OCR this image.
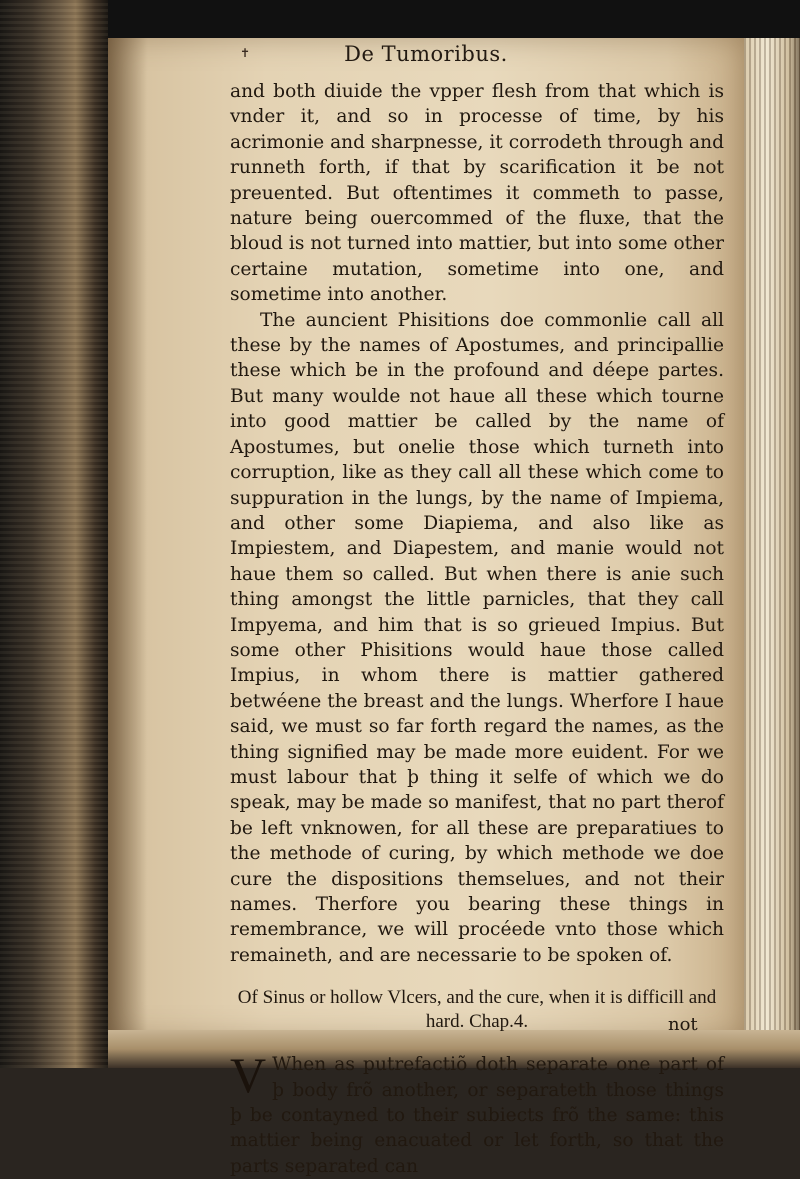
✝	De Tumoribus.

and both diuide the vpper flesh from that which is vnder it, and so in processe of time, by his acrimonie and sharpnesse, it corrodeth through and runneth forth, if that by scarification it be not preuented. But oftentimes it commeth to passe, nature being ouercommed of the fluxe, that the bloud is not turned into mattier, but into some other certaine mutation, sometime into one, and sometime into another.

The auncient Phisitions doe commonlie call all these by the names of Apostumes, and principallie these which be in the profound and déepe partes. But many woulde not haue all these which tourne into good mattier be called by the name of Apostumes, but onelie those which turneth into corruption, like as they call all these which come to suppuration in the lungs, by the name of Impiema, and other some Diapiema, and also like as Impiestem, and Diapestem, and manie would not haue them so called. But when there is anie such thing amongst the little parnicles, that they call Impyema, and him that is so grieued Impius. But some other Phisitions would haue those called Impius, in whom there is mattier gathered betwéene the breast and the lungs. Wherfore I haue said, we must so far forth regard the names, as the thing signified may be made more euident. For we must labour that þ thing it selfe of which we do speak, may be made so manifest, that no part therof be left vnknowen, for all these are preparatiues to the methode of curing, by which methode we doe cure the dispositions themselues, and not their names. Therfore you bearing these things in remembrance, we will procéede vnto those which remaineth, and are necessarie to be spoken of.

Of Sinus or hollow Vlcers, and the cure, when it is difficill and hard. Chap.4.

V When as putrefactiõ doth separate one part of þ body frõ another, or separateth those things þ be contayned to their subiects frõ the same: this mattier being enacuated or let forth, so that the parts separated can

not
